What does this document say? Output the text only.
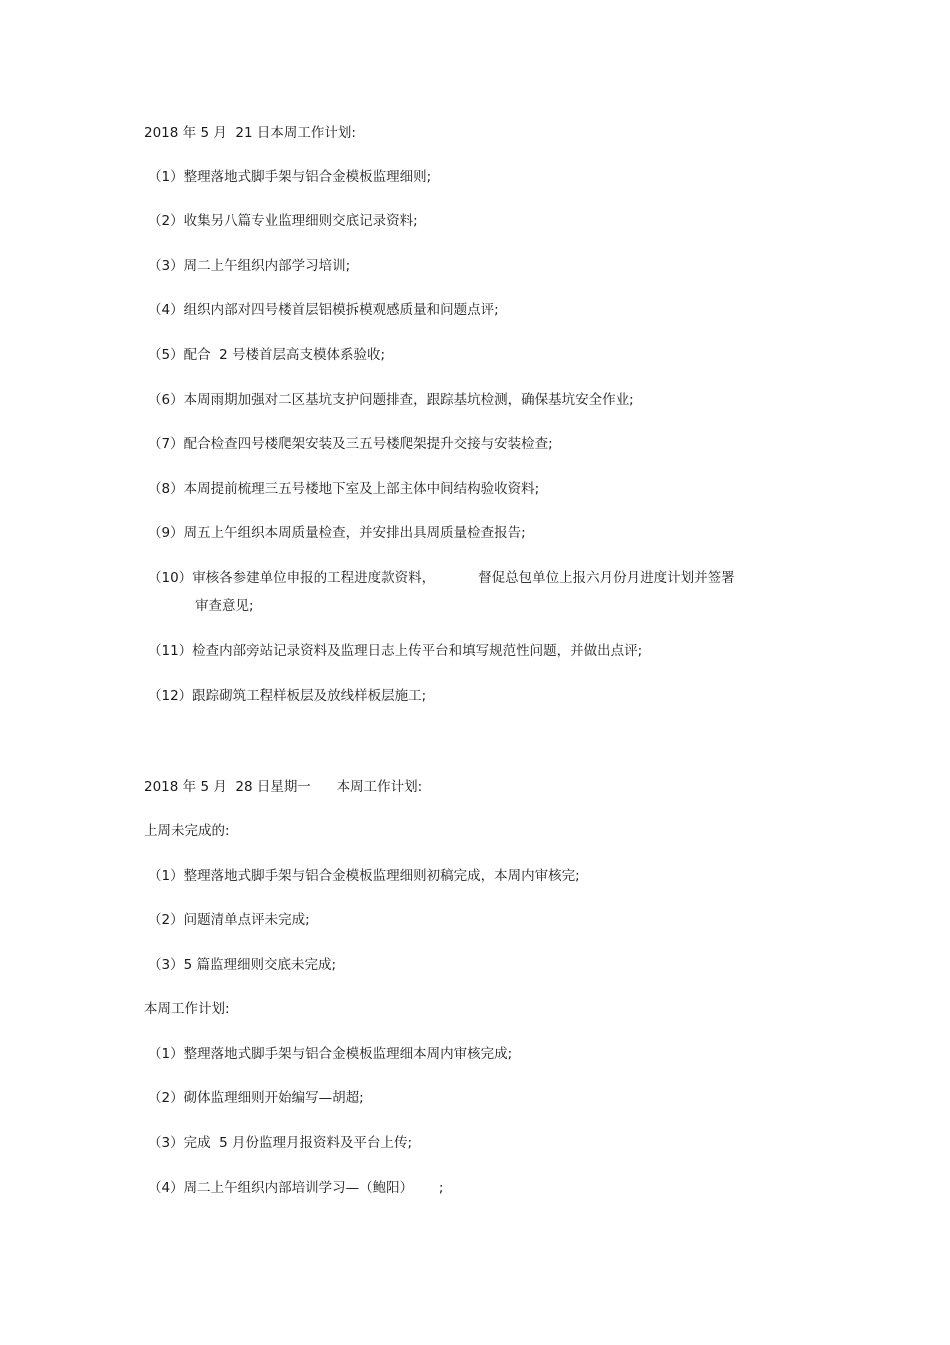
2018 年 5 月  21 日本周工作计划:
（1）整理落地式脚手架与铝合金模板监理细则;
（2）收集另八篇专业监理细则交底记录资料;
（3）周二上午组织内部学习培训;
（4）组织内部对四号楼首层铝模拆模观感质量和问题点评;
（5）配合  2 号楼首层高支模体系验收;
（6）本周雨期加强对二区基坑支护问题排查，跟踪基坑检测，确保基坑安全作业;
（7）配合检查四号楼爬架安装及三五号楼爬架提升交接与安装检查;
（8）本周提前梳理三五号楼地下室及上部主体中间结构验收资料;
（9）周五上午组织本周质量检查，并安排出具周质量检查报告;
（10）审核各参建单位申报的工程进度款资料，          督促总包单位上报六月份月进度计划并签署
审查意见;
（11）检查内部旁站记录资料及监理日志上传平台和填写规范性问题，并做出点评;
（12）跟踪砌筑工程样板层及放线样板层施工;
2018 年 5 月  28 日星期一      本周工作计划:
上周未完成的:
（1）整理落地式脚手架与铝合金模板监理细则初稿完成，本周内审核完;
（2）问题清单点评未完成;
（3）5 篇监理细则交底未完成;
本周工作计划:
（1）整理落地式脚手架与铝合金模板监理细本周内审核完成;
（2）砌体监理细则开始编写—胡超;
（3）完成  5 月份监理月报资料及平台上传;
（4）周二上午组织内部培训学习—（鲍阳）      ;
